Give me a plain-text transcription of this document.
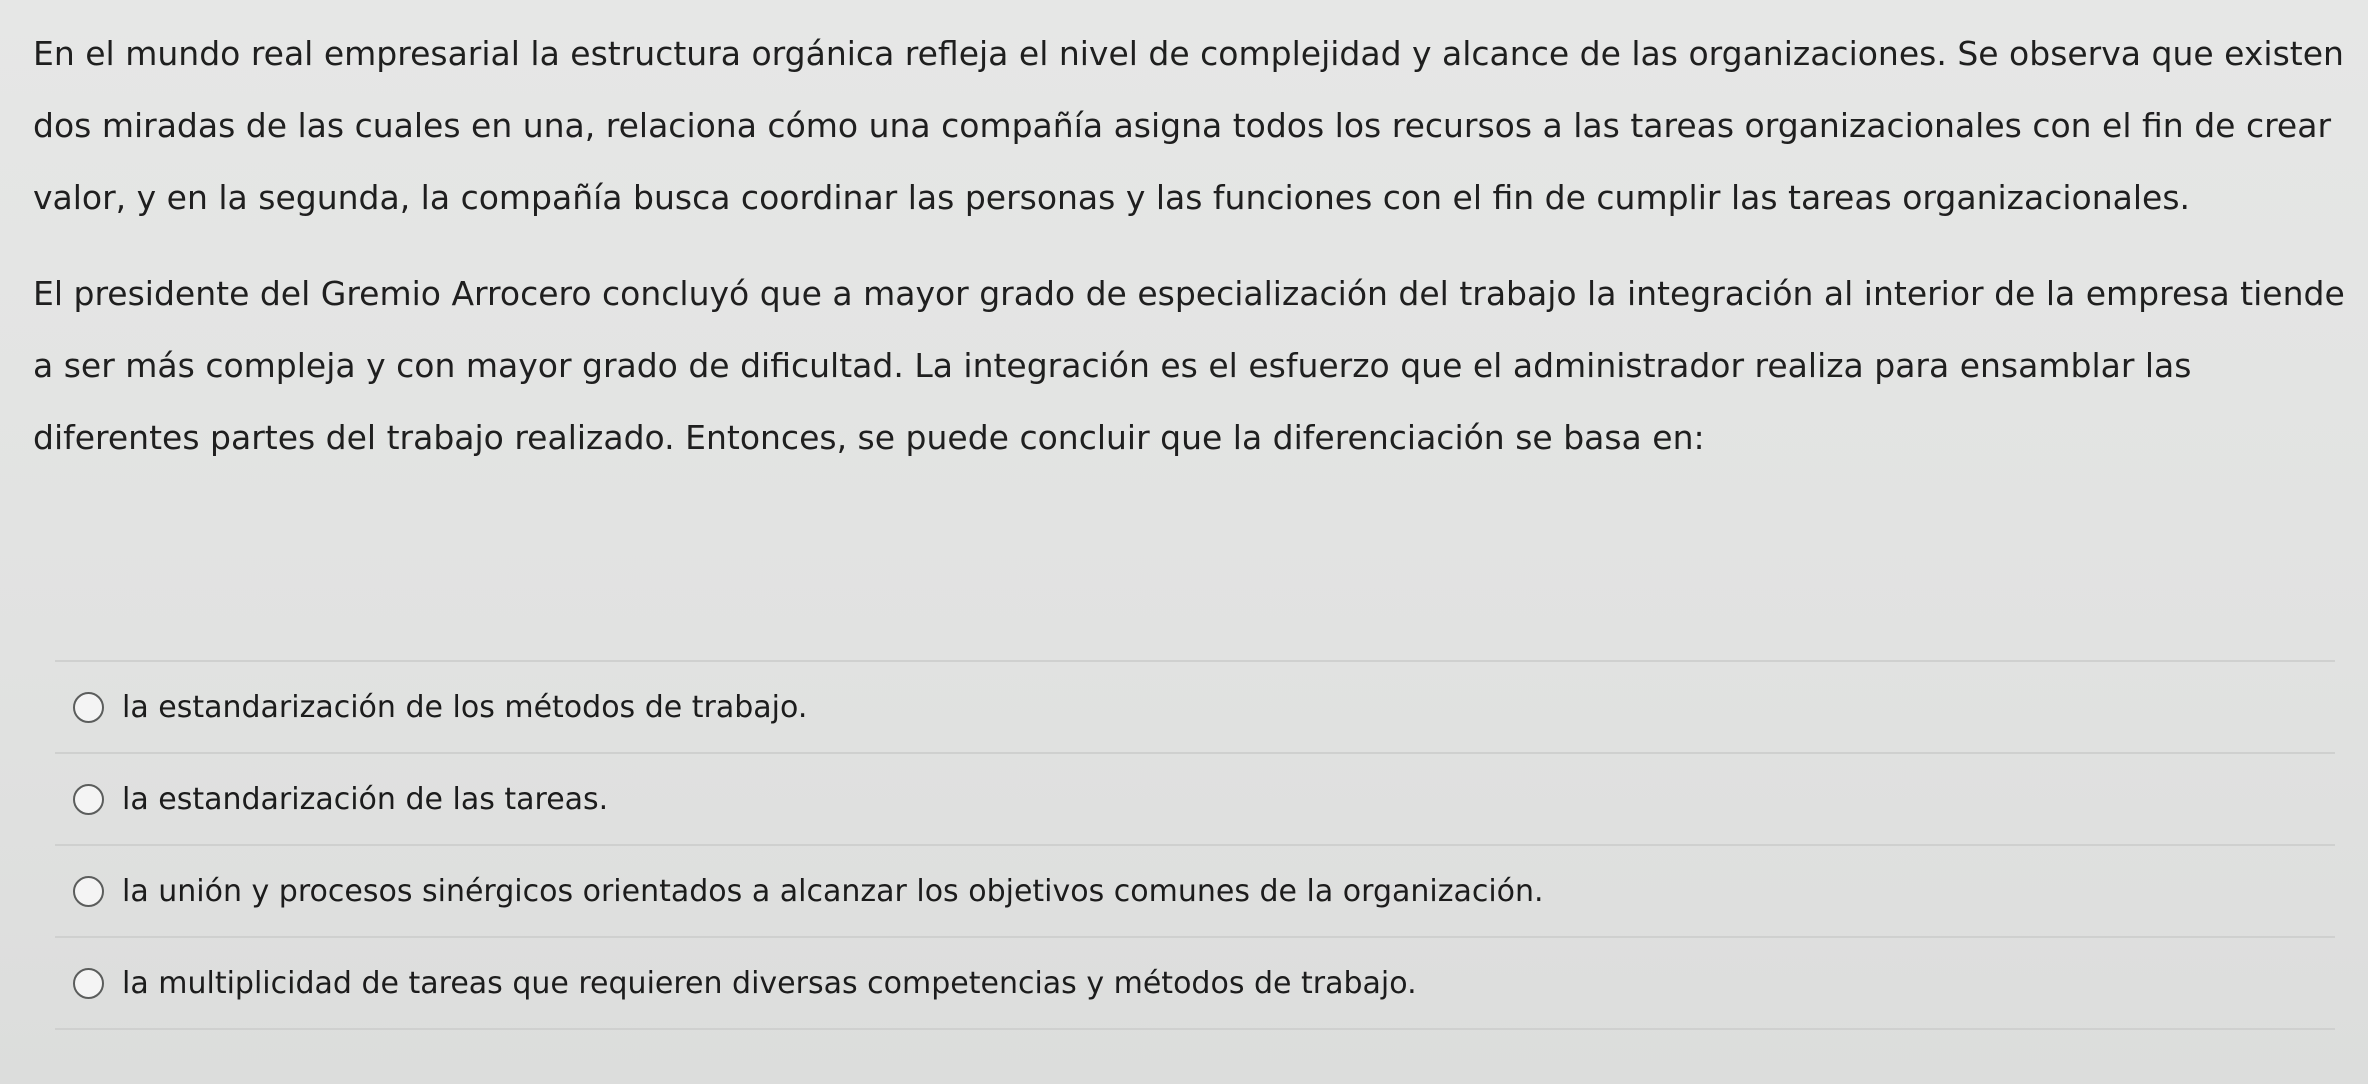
En el mundo real empresarial la estructura orgánica refleja el nivel de complejidad y alcance de las organizaciones. Se observa que existen dos miradas de las cuales en una, relaciona cómo una compañía asigna todos los recursos a las tareas organizacionales con el fin de crear valor, y en la segunda, la compañía busca coordinar las personas y las funciones con el fin de cumplir las tareas organizacionales.

El presidente del Gremio Arrocero concluyó que a mayor grado de especialización del trabajo la integración al interior de la empresa tiende a ser más compleja y con mayor grado de dificultad. La integración es el esfuerzo que el administrador realiza para ensamblar las diferentes partes del trabajo realizado. Entonces, se puede concluir que la diferenciación se basa en:

la estandarización de los métodos de trabajo.
la estandarización de las tareas.
la unión y procesos sinérgicos orientados a alcanzar los objetivos comunes de la organización.
la multiplicidad de tareas que requieren diversas competencias y métodos de trabajo.
